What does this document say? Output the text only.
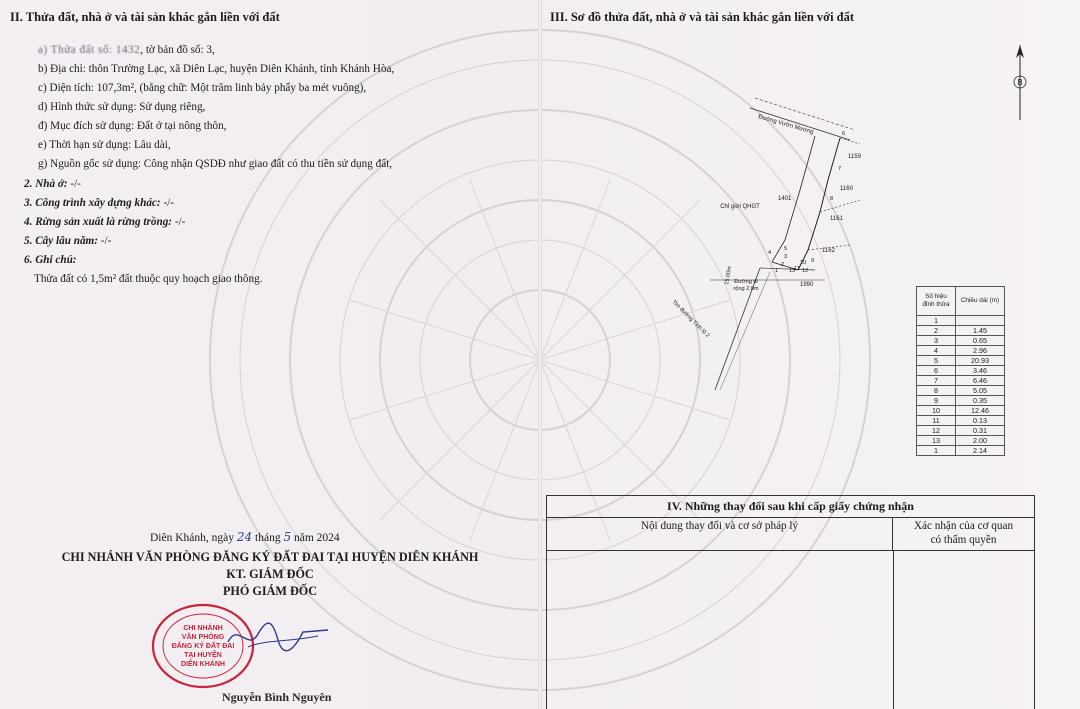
II. Thửa đất, nhà ở và tài sản khác gắn liền với đất
a) Thửa đất số: 1432, tờ bản đồ số: 3,
b) Địa chỉ: thôn Trường Lạc, xã Diên Lạc, huyện Diên Khánh, tỉnh Khánh Hòa,
c) Diện tích: 107,3m², (bằng chữ: Một trăm linh bảy phẩy ba mét vuông),
d) Hình thức sử dụng: Sử dụng riêng,
đ) Mục đích sử dụng: Đất ở tại nông thôn,
e) Thời hạn sử dụng: Lâu dài,
g) Nguồn gốc sử dụng: Công nhận QSDĐ như giao đất có thu tiền sử dụng đất,
2. Nhà ở: -/-
3. Công trình xây dựng khác: -/-
4. Rừng sản xuất là rừng trồng: -/-
5. Cây lâu năm: -/-
6. Ghi chú:
Thửa đất có 1,5m² đất thuộc quy hoạch giao thông.
Diên Khánh, ngày 24 tháng 5 năm 2024
CHI NHÁNH VĂN PHÒNG ĐĂNG KÝ ĐẤT ĐAI TẠI HUYỆN DIÊN KHÁNH
KT. GIÁM ĐỐC
PHÓ GIÁM ĐỐC
CHI NHÁNH
VĂN PHÒNG
ĐĂNG KÝ ĐẤT ĐAI
TẠI HUYỆN
DIÊN KHÁNH
Nguyễn Bình Nguyên
III. Sơ đồ thửa đất, nhà ở và tài sản khác gắn liền với đất
B
Đường Vườn Mương
Tim đường Tỉnh lộ 2
15.00m
Chỉ giới QHGT
Đường đi
rộng 2,0m
1159
1160
1161
1162
1401
1990
1
2
3
4
5
6
7
8
9
10
11 12
13
Số hiệu đỉnh thửa	Chiều dài (m)
1	
2	1.45
3	0.65
4	2.96
5	20.93
6	3.46
7	6.46
8	5.05
9	0.35
10	12.46
11	0.13
12	0.31
13	2.00
1	2.14
IV. Những thay đổi sau khi cấp giấy chứng nhận
Nội dung thay đổi và cơ sở pháp lý	Xác nhận của cơ quan
có thẩm quyền
